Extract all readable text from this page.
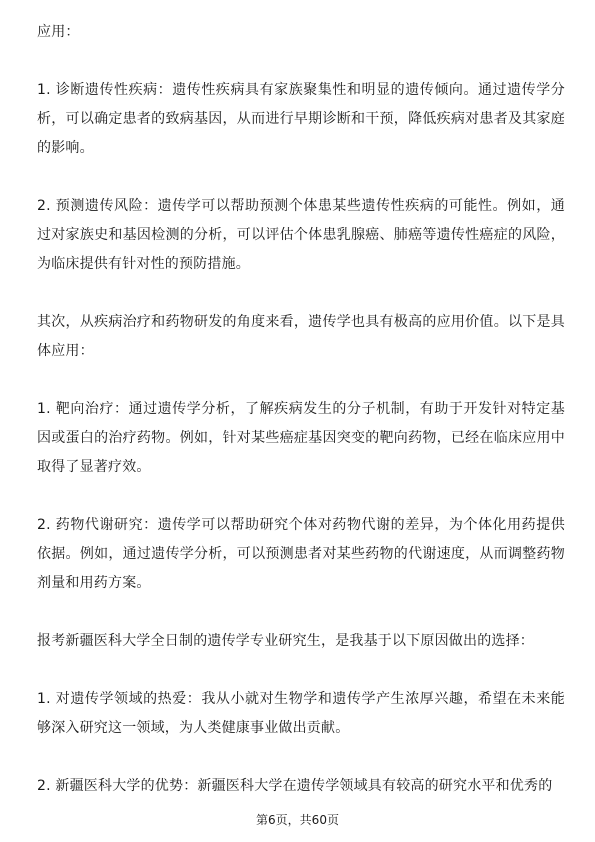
应用：

1. 诊断遗传性疾病：遗传性疾病具有家族聚集性和明显的遗传倾向。通过遗传学分析，可以确定患者的致病基因，从而进行早期诊断和干预，降低疾病对患者及其家庭的影响。

2. 预测遗传风险：遗传学可以帮助预测个体患某些遗传性疾病的可能性。例如，通过对家族史和基因检测的分析，可以评估个体患乳腺癌、肺癌等遗传性癌症的风险，为临床提供有针对性的预防措施。

其次，从疾病治疗和药物研发的角度来看，遗传学也具有极高的应用价值。以下是具体应用：

1. 靶向治疗：通过遗传学分析，了解疾病发生的分子机制，有助于开发针对特定基因或蛋白的治疗药物。例如，针对某些癌症基因突变的靶向药物，已经在临床应用中取得了显著疗效。

2. 药物代谢研究：遗传学可以帮助研究个体对药物代谢的差异，为个体化用药提供依据。例如，通过遗传学分析，可以预测患者对某些药物的代谢速度，从而调整药物剂量和用药方案。

报考新疆医科大学全日制的遗传学专业研究生，是我基于以下原因做出的选择：

1. 对遗传学领域的热爱：我从小就对生物学和遗传学产生浓厚兴趣，希望在未来能够深入研究这一领域，为人类健康事业做出贡献。

2. 新疆医科大学的优势：新疆医科大学在遗传学领域具有较高的研究水平和优秀的

第6页，共60页
